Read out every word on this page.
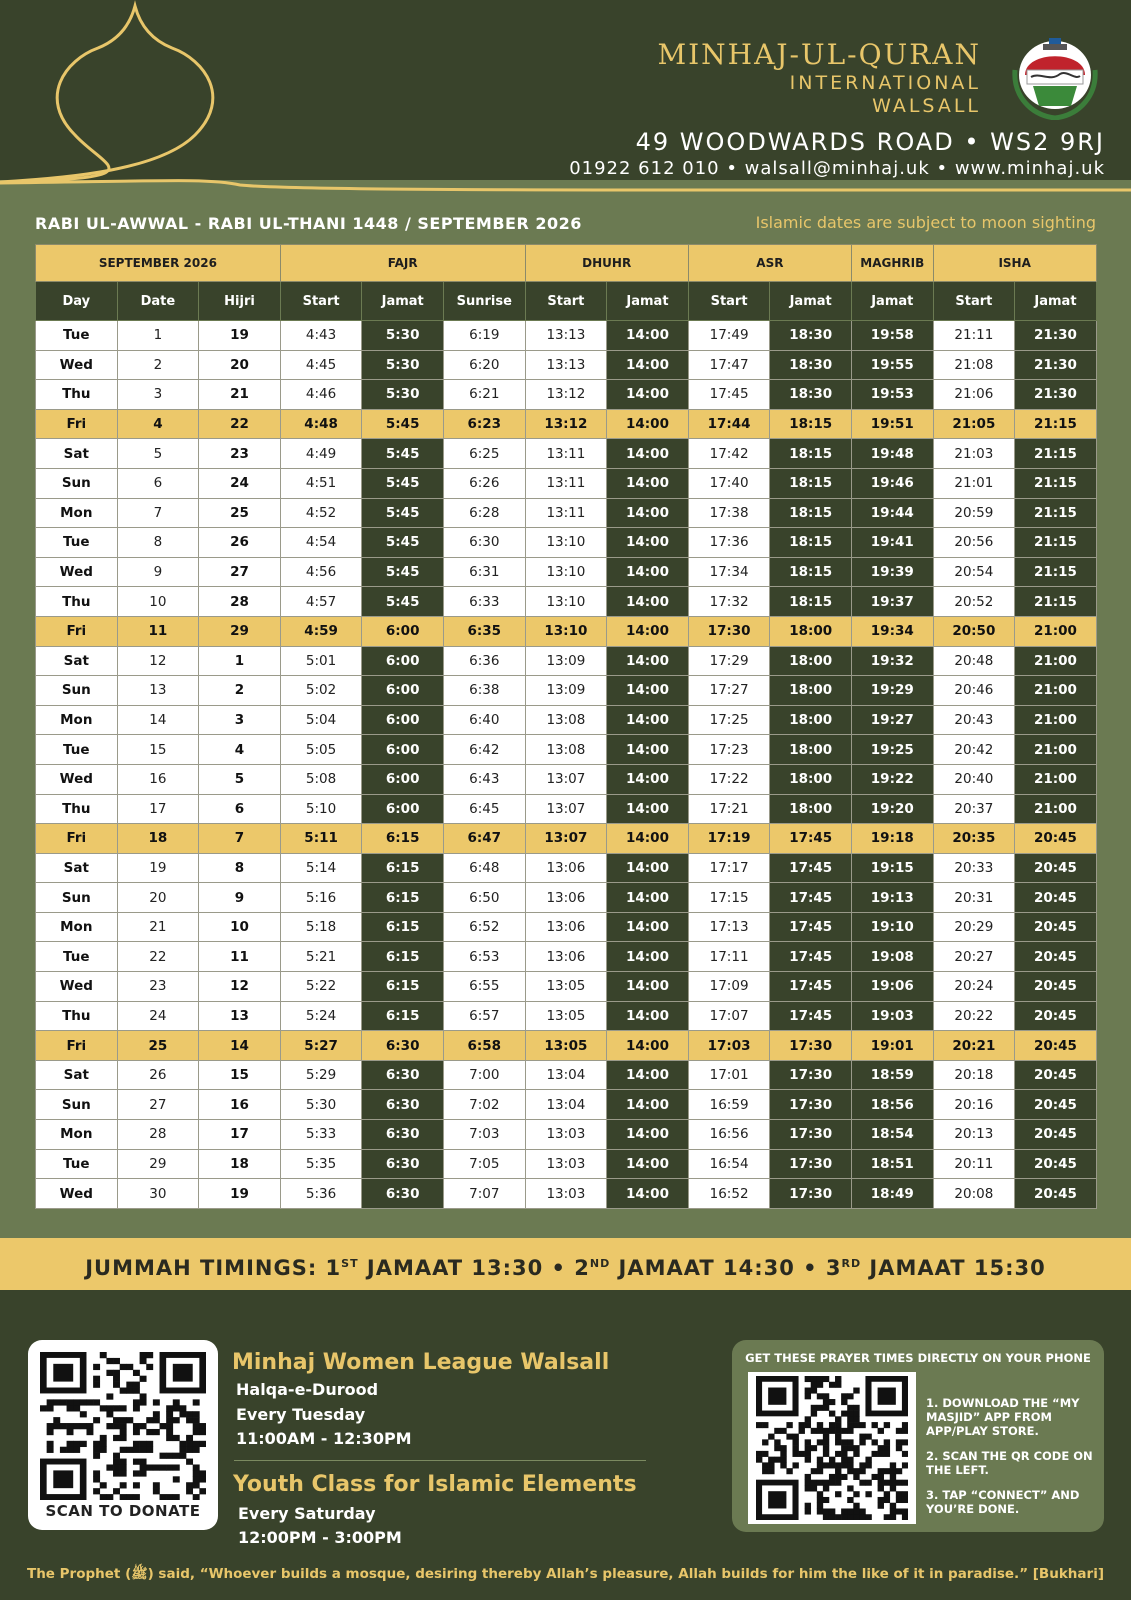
MINHAJ-UL-QURAN
INTERNATIONAL
WALSALL
49 WOODWARDS ROAD • WS2 9RJ
01922 612 010 • walsall@minhaj.uk • www.minhaj.uk
RABI UL-AWWAL - RABI UL-THANI 1448 / SEPTEMBER 2026	Islamic dates are subject to moon sighting
SEPTEMBER 2026			FAJR			DHUHR		ASR		MAGHRIB	ISHA	
Day	Date	Hijri	Start	Jamat	Sunrise	Start	Jamat	Start	Jamat	Jamat	Start	Jamat
Tue	1	19	4:43	5:30	6:19	13:13	14:00	17:49	18:30	19:58	21:11	21:30
Wed	2	20	4:45	5:30	6:20	13:13	14:00	17:47	18:30	19:55	21:08	21:30
Thu	3	21	4:46	5:30	6:21	13:12	14:00	17:45	18:30	19:53	21:06	21:30
Fri	4	22	4:48	5:45	6:23	13:12	14:00	17:44	18:15	19:51	21:05	21:15
Sat	5	23	4:49	5:45	6:25	13:11	14:00	17:42	18:15	19:48	21:03	21:15
Sun	6	24	4:51	5:45	6:26	13:11	14:00	17:40	18:15	19:46	21:01	21:15
Mon	7	25	4:52	5:45	6:28	13:11	14:00	17:38	18:15	19:44	20:59	21:15
Tue	8	26	4:54	5:45	6:30	13:10	14:00	17:36	18:15	19:41	20:56	21:15
Wed	9	27	4:56	5:45	6:31	13:10	14:00	17:34	18:15	19:39	20:54	21:15
Thu	10	28	4:57	5:45	6:33	13:10	14:00	17:32	18:15	19:37	20:52	21:15
Fri	11	29	4:59	6:00	6:35	13:10	14:00	17:30	18:00	19:34	20:50	21:00
Sat	12	1	5:01	6:00	6:36	13:09	14:00	17:29	18:00	19:32	20:48	21:00
Sun	13	2	5:02	6:00	6:38	13:09	14:00	17:27	18:00	19:29	20:46	21:00
Mon	14	3	5:04	6:00	6:40	13:08	14:00	17:25	18:00	19:27	20:43	21:00
Tue	15	4	5:05	6:00	6:42	13:08	14:00	17:23	18:00	19:25	20:42	21:00
Wed	16	5	5:08	6:00	6:43	13:07	14:00	17:22	18:00	19:22	20:40	21:00
Thu	17	6	5:10	6:00	6:45	13:07	14:00	17:21	18:00	19:20	20:37	21:00
Fri	18	7	5:11	6:15	6:47	13:07	14:00	17:19	17:45	19:18	20:35	20:45
Sat	19	8	5:14	6:15	6:48	13:06	14:00	17:17	17:45	19:15	20:33	20:45
Sun	20	9	5:16	6:15	6:50	13:06	14:00	17:15	17:45	19:13	20:31	20:45
Mon	21	10	5:18	6:15	6:52	13:06	14:00	17:13	17:45	19:10	20:29	20:45
Tue	22	11	5:21	6:15	6:53	13:06	14:00	17:11	17:45	19:08	20:27	20:45
Wed	23	12	5:22	6:15	6:55	13:05	14:00	17:09	17:45	19:06	20:24	20:45
Thu	24	13	5:24	6:15	6:57	13:05	14:00	17:07	17:45	19:03	20:22	20:45
Fri	25	14	5:27	6:30	6:58	13:05	14:00	17:03	17:30	19:01	20:21	20:45
Sat	26	15	5:29	6:30	7:00	13:04	14:00	17:01	17:30	18:59	20:18	20:45
Sun	27	16	5:30	6:30	7:02	13:04	14:00	16:59	17:30	18:56	20:16	20:45
Mon	28	17	5:33	6:30	7:03	13:03	14:00	16:56	17:30	18:54	20:13	20:45
Tue	29	18	5:35	6:30	7:05	13:03	14:00	16:54	17:30	18:51	20:11	20:45
Wed	30	19	5:36	6:30	7:07	13:03	14:00	16:52	17:30	18:49	20:08	20:45
JUMMAH TIMINGS: 1ST JAMAAT 13:30 • 2ND JAMAAT 14:30 • 3RD JAMAAT 15:30
SCAN TO DONATE
Minhaj Women League Walsall
Halqa-e-Durood
Every Tuesday
11:00AM - 12:30PM
Youth Class for Islamic Elements
Every Saturday
12:00PM - 3:00PM
GET THESE PRAYER TIMES DIRECTLY ON YOUR PHONE
1. DOWNLOAD THE “MY MASJID” APP FROM APP/PLAY STORE.
2. SCAN THE QR CODE ON THE LEFT.
3. TAP “CONNECT” AND YOU’RE DONE.
The Prophet (ﷺ) said, “Whoever builds a mosque, desiring thereby Allah’s pleasure, Allah builds for him the like of it in paradise.” [Bukhari]
